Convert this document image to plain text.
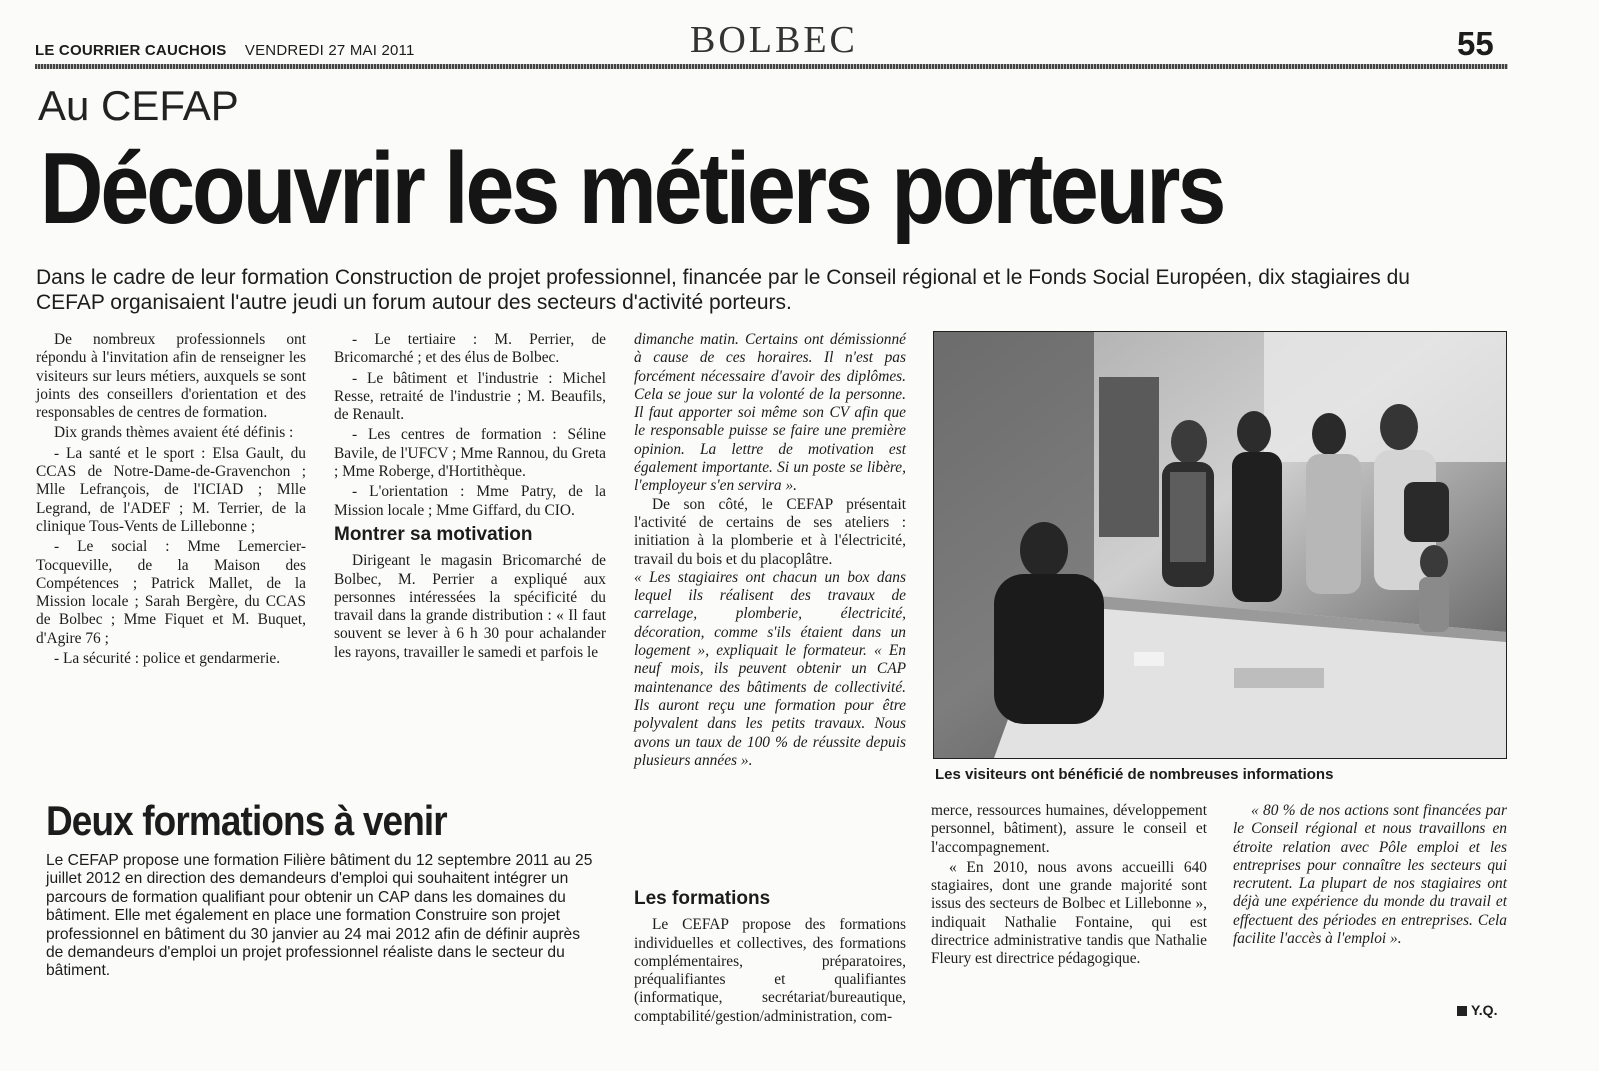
LE COURRIER CAUCHOIS VENDREDI 27 MAI 2011	BOLBEC	55
Au CEFAP
Découvrir les métiers porteurs

Dans le cadre de leur formation Construction de projet professionnel, financée par le Conseil régional et le Fonds Social Européen, dix stagiaires du CEFAP organisaient l'autre jeudi un forum autour des secteurs d'activité porteurs.

De nombreux professionnels ont répondu à l'invitation afin de renseigner les visiteurs sur leurs métiers, auxquels se sont joints des conseillers d'orientation et des responsables de centres de formation.

Dix grands thèmes avaient été définis :

- La santé et le sport : Elsa Gault, du CCAS de Notre-Dame-de-Gravenchon ; Mlle Lefrançois, de l'ICIAD ; Mlle Legrand, de l'ADEF ; M. Terrier, de la clinique Tous-Vents de Lillebonne ;

- Le social : Mme Lemercier-Tocqueville, de la Maison des Compétences ; Patrick Mallet, de la Mission locale ; Sarah Bergère, du CCAS de Bolbec ; Mme Fiquet et M. Buquet, d'Agire 76 ;

- La sécurité : police et gendarmerie.

- Le tertiaire : M. Perrier, de Bricomarché ; et des élus de Bolbec.

- Le bâtiment et l'industrie : Michel Resse, retraité de l'industrie ; M. Beaufils, de Renault.

- Les centres de formation : Séline Bavile, de l'UFCV ; Mme Rannou, du Greta ; Mme Roberge, d'Hortithèque.

- L'orientation : Mme Patry, de la Mission locale ; Mme Giffard, du CIO.

Montrer sa motivation

Dirigeant le magasin Bricomarché de Bolbec, M. Perrier a expliqué aux personnes intéressées la spécificité du travail dans la grande distribution : « Il faut souvent se lever à 6 h 30 pour achalander les rayons, travailler le samedi et parfois le

dimanche matin. Certains ont démissionné à cause de ces horaires. Il n'est pas forcément nécessaire d'avoir des diplômes. Cela se joue sur la volonté de la personne. Il faut apporter soi même son CV afin que le responsable puisse se faire une première opinion. La lettre de motivation est également importante. Si un poste se libère, l'employeur s'en servira ».

De son côté, le CEFAP présentait l'activité de certains de ses ateliers : initiation à la plomberie et à l'électricité, travail du bois et du placoplâtre.

« Les stagiaires ont chacun un box dans lequel ils réalisent des travaux de carrelage, plomberie, électricité, décoration, comme s'ils étaient dans un logement », expliquait le formateur. « En neuf mois, ils peuvent obtenir un CAP maintenance des bâtiments de collectivité. Ils auront reçu une formation pour être polyvalent dans les petits travaux. Nous avons un taux de 100 % de réussite depuis plusieurs années ».

Les formations

Le CEFAP propose des formations individuelles et collectives, des formations complémentaires, préparatoires, préqualifiantes et qualifiantes (informatique, secrétariat/bureautique, comptabilité/gestion/administration, com-

Les visiteurs ont bénéficié de nombreuses informations

merce, ressources humaines, développement personnel, bâtiment), assure le conseil et l'accompagnement.

« En 2010, nous avons accueilli 640 stagiaires, dont une grande majorité sont issus des secteurs de Bolbec et Lillebonne », indiquait Nathalie Fontaine, qui est directrice administrative tandis que Nathalie Fleury est directrice pédagogique.

« 80 % de nos actions sont financées par le Conseil régional et nous travaillons en étroite relation avec Pôle emploi et les entreprises pour connaître les secteurs qui recrutent. La plupart de nos stagiaires ont déjà une expérience du monde du travail et effectuent des périodes en entreprises. Cela facilite l'accès à l'emploi ».

Y.Q.
Deux formations à venir

Le CEFAP propose une formation Filière bâtiment du 12 septembre 2011 au 25 juillet 2012 en direction des demandeurs d'emploi qui souhaitent intégrer un parcours de formation qualifiant pour obtenir un CAP dans les domaines du bâtiment. Elle met également en place une formation Construire son projet professionnel en bâtiment du 30 janvier au 24 mai 2012 afin de définir auprès de demandeurs d'emploi un projet professionnel réaliste dans le secteur du bâtiment.
